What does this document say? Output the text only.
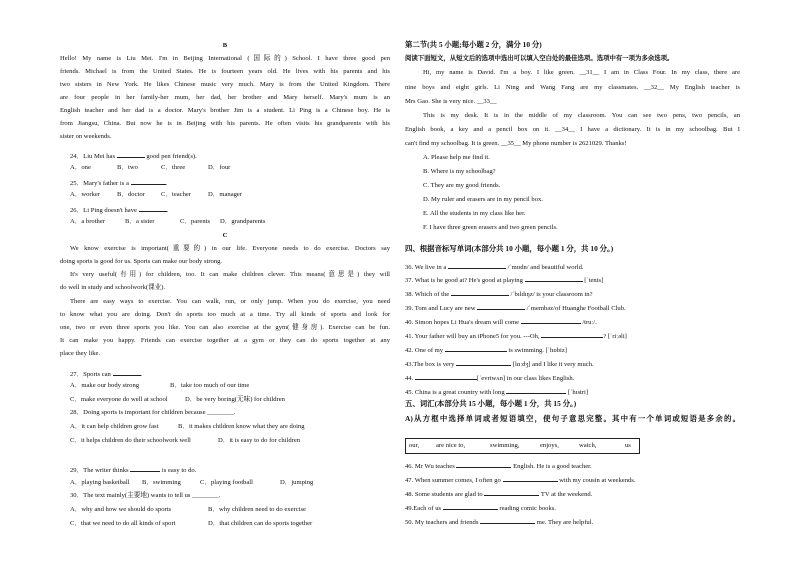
B
Hello! My name is Liu Mei. I'm in Beijing International (国际的) School. I have three good pen
friends. Michael is from the United States. He is fourteen years old. He lives with his parents and his
two sisters in New York. He likes Chinese music very much. Mary is from the United Kingdom. There
are four people in her family-her mum, her dad, her brother and Mary herself. Mary's mum is an
English teacher and her dad is a doctor. Mary's brother Jim is a student. Li Ping is a Chinese boy. He is
from Jiangsu, China. But now he is in Beijing with his parents. He often visits his grandparents with his
sister on weekends.
24．Liu Mei has	good pen friend(s).
A．one	B．two	C．three	D．four
25．Mary's father is a	.
A．worker	B．doctor C．teacher	D．manager
26．Li Ping doesn't have	.
A．a brother	B．a sister	C．parents D．grandparents
C
We know exercise is important(重要的) in our life. Everyone needs to do exercise. Doctors say
doing sports is good for us. Sports can make our body strong.
It's very useful(有用) for children, too. It can make children clever. This means(意思是) they will
do well in study and schoolwork(课业).
There are easy ways to exercise. You can walk, run, or only jump. When you do exercise, you need
to know what you are doing. Don't do sports too much at a time. Try all kinds of sports and look for
one, two or even three sports you like. You can also exercise at the gym(健身房). Exercise can be fun.
It can make you happy. Friends can exercise together at a gym or they can do sports together at any
place they like.
27．Sports can	.
A．make our body strong	B．take too much of our time
C．make everyone do well at school	D．be very boring(无味) for children
28．Doing sports is important for children because ________.
A．it can help children grow fast	B．it makes children know what they are doing
C．it helps children do their schoolwork well	D．it is easy to do for children
29．The writer thinks	is easy to do.
A．playing basketball B．swimming	C．playing football	D．jumping
30．The text mainly(主要地) wants to tell us ________.
A．why and how we should do sports	B．why children need to do exercise
C．that we need to do all kinds of sport	D．that children can do sports together
第二节(共 5 小题;每小题 2 分，满分 10 分)
阅读下面短文，从短文后的选项中选出可以填入空白处的最佳选项。选项中有一项为多余选项。
Hi, my name is David. I'm a boy. I like green. __31__ I am in Class Four. In my class, there are
nine boys and eight girls. Li Ning and Wang Fang are my classmates. __32__ My English teacher is
Mrs Gao. She is very nice. __33__
This is my desk. It is in the middle of my classroom. You can see two pens, two pencils, an
English book, a key and a pencil box on it. __34__ I have a dictionary. It is in my schoolbag. But I
can't find my schoolbag. It is green. __35__ My phone number is 2621029. Thanks!
A. Please help me find it.
B. Where is my schoolbag?
C. They are my good friends.
D. My ruler and erasers are in my pencil box.
E. All the students in my class like her.
F. I have three green erasers and two green pencils.
四、根据音标写单词(本部分共 10 小题，每小题 1 分，共 10 分。)
36. We live in a	/ˈmɒdn/ and beautiful world.
37. What is he good at? He's good at playing	[ˈtenis]
38. Which of the	/ˈbɪldɪŋz/ is your classroom in?
39. Tom and Lucy are new	/ˈmembəz/of Huanghe Football Club.
40. Simon hopes Li Hua's dream will come	/truː/.
41. Your father will buy an iPhone5 for you. ---Oh,	? [ˈriːəli]
42. One of my	is swimming. [ˈhɒbiz]
43.The box is very	[lɑːdʒ] and I like it very much.
44.	[ˈevriwʌn] in our class likes English.
45. China is a great country with long	[ˈhɪstri]
五、词汇(本部分共 15 小题，每小题 1 分，共 15 分。)
A)从方框中选择单词或者短语填空，使句子意思完整。其中有一个单词或短语是多余的。
46. Mr Wu teaches	English. He is a good teacher.
47. When summer comes, I often go	with my cousin at weekends.
48. Some students are glad to	TV at the weekend.
49.Each of us	reading comic books.
50. My teachers and friends	me. They are helpful.
our,	are nice to,	swimming,	enjoys,	watch,	us
